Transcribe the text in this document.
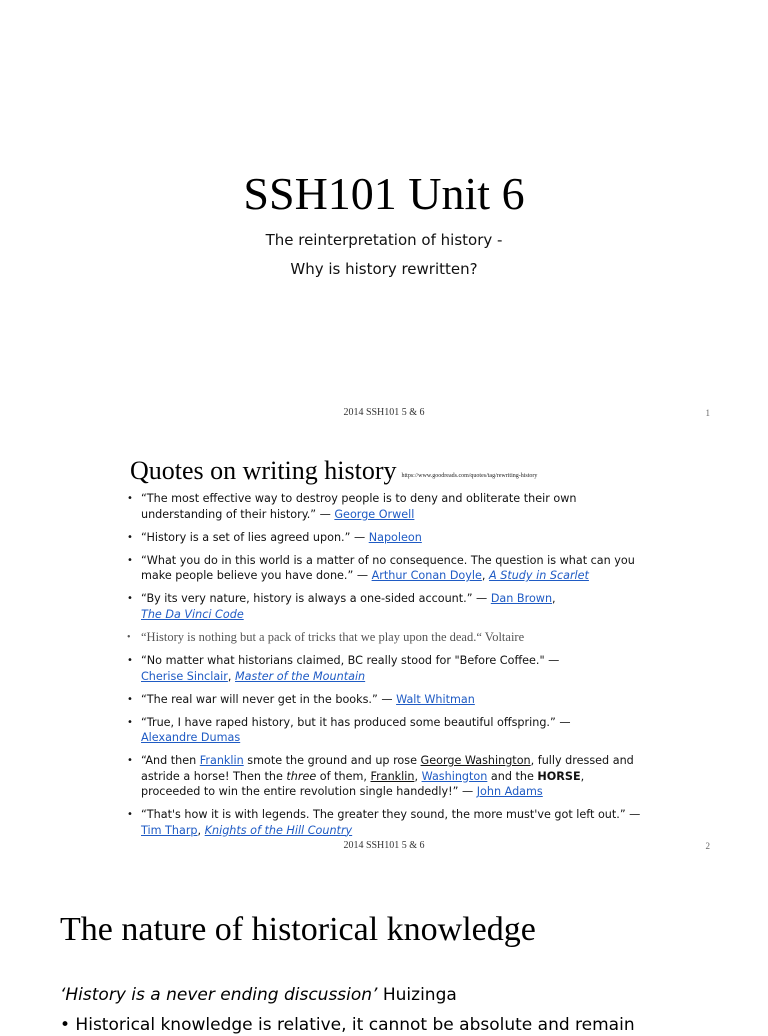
SSH101 Unit 6
The reinterpretation of history -
Why is history rewritten?
2014 SSH101 5 & 6	1
Quotes on writing history https://www.goodreads.com/quotes/tag/rewriting-history
• “The most effective way to destroy people is to deny and obliterate their own understanding of their history.” — George Orwell
• “History is a set of lies agreed upon.” — Napoleon
• “What you do in this world is a matter of no consequence. The question is what can you make people believe you have done.” — Arthur Conan Doyle, A Study in Scarlet
• “By its very nature, history is always a one-sided account.” — Dan Brown,
The Da Vinci Code
• “History is nothing but a pack of tricks that we play upon the dead.“ Voltaire
• “No matter what historians claimed, BC really stood for "Before Coffee." —
Cherise Sinclair, Master of the Mountain
• “The real war will never get in the books.” — Walt Whitman
• “True, I have raped history, but it has produced some beautiful offspring.” —
Alexandre Dumas
• “And then Franklin smote the ground and up rose George Washington, fully dressed and astride a horse! Then the three of them, Franklin, Washington and the HORSE, proceeded to win the entire revolution single handedly!” — John Adams
• “That's how it is with legends. The greater they sound, the more must've got left out.” — Tim Tharp, Knights of the Hill Country
2014 SSH101 5 & 6	2
The nature of historical knowledge
‘History is a never ending discussion’ Huizinga
• Historical knowledge is relative, it cannot be absolute and remain
